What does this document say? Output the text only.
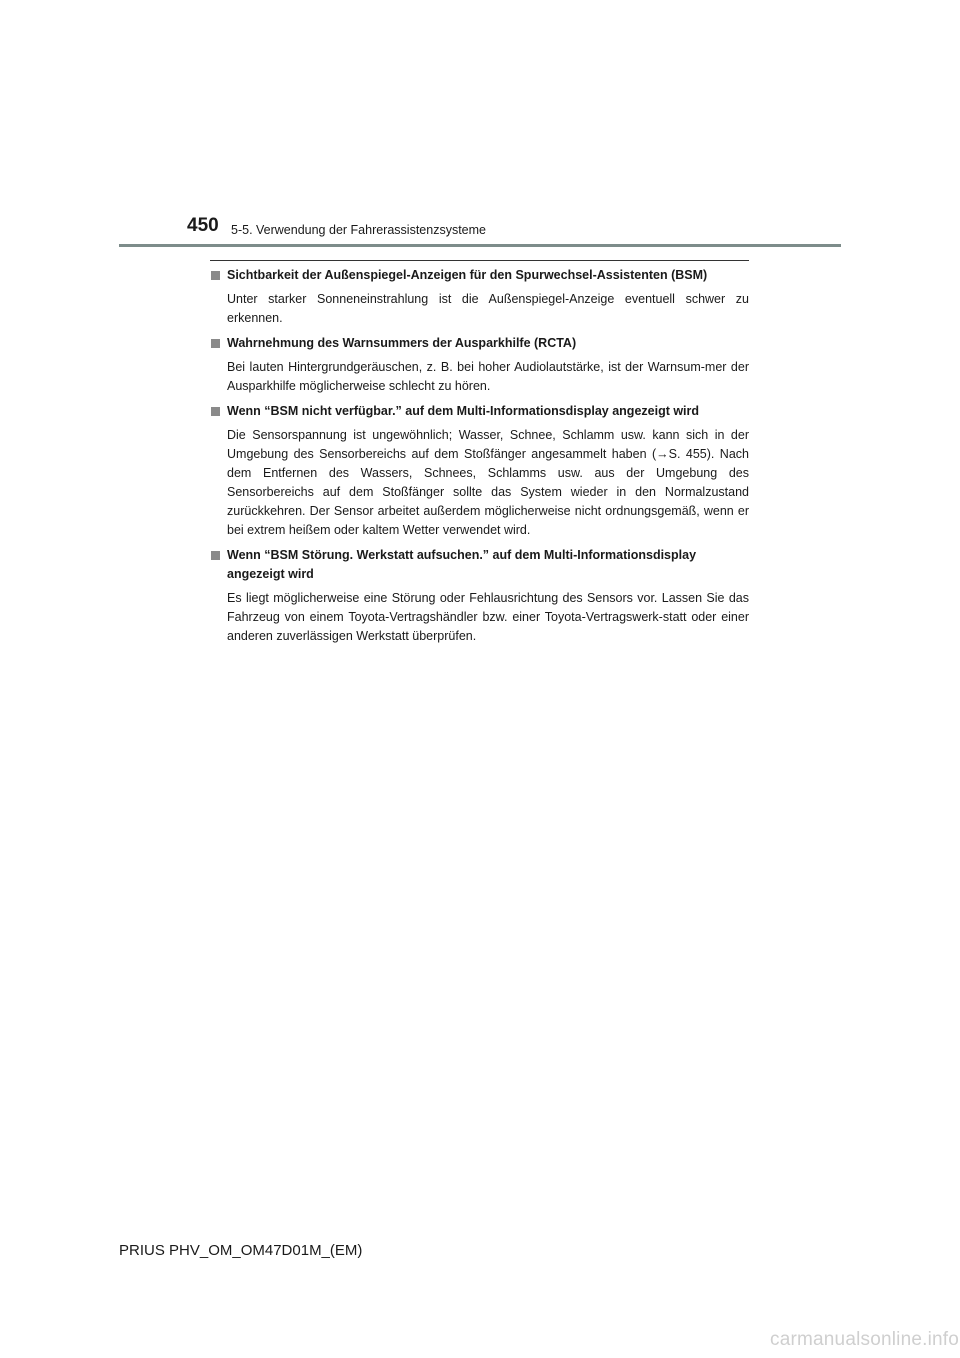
450 5-5. Verwendung der Fahrerassistenzsysteme
Sichtbarkeit der Außenspiegel-Anzeigen für den Spurwechsel-Assistenten (BSM)
Unter starker Sonneneinstrahlung ist die Außenspiegel-Anzeige eventuell schwer zu erkennen.
Wahrnehmung des Warnsummers der Ausparkhilfe (RCTA)
Bei lauten Hintergrundgeräuschen, z. B. bei hoher Audiolautstärke, ist der Warnsum-mer der Ausparkhilfe möglicherweise schlecht zu hören.
Wenn “BSM nicht verfügbar.” auf dem Multi-Informationsdisplay angezeigt wird
Die Sensorspannung ist ungewöhnlich; Wasser, Schnee, Schlamm usw. kann sich in der Umgebung des Sensorbereichs auf dem Stoßfänger angesammelt haben (→S. 455). Nach dem Entfernen des Wassers, Schnees, Schlamms usw. aus der Umgebung des Sensorbereichs auf dem Stoßfänger sollte das System wieder in den Normalzustand zurückkehren. Der Sensor arbeitet außerdem möglicherweise nicht ordnungsgemäß, wenn er bei extrem heißem oder kaltem Wetter verwendet wird.
Wenn “BSM Störung. Werkstatt aufsuchen.” auf dem Multi-Informationsdisplay angezeigt wird
Es liegt möglicherweise eine Störung oder Fehlausrichtung des Sensors vor. Lassen Sie das Fahrzeug von einem Toyota-Vertragshändler bzw. einer Toyota-Vertragswerk-statt oder einer anderen zuverlässigen Werkstatt überprüfen.
PRIUS PHV_OM_OM47D01M_(EM)
carmanualsonline.info
